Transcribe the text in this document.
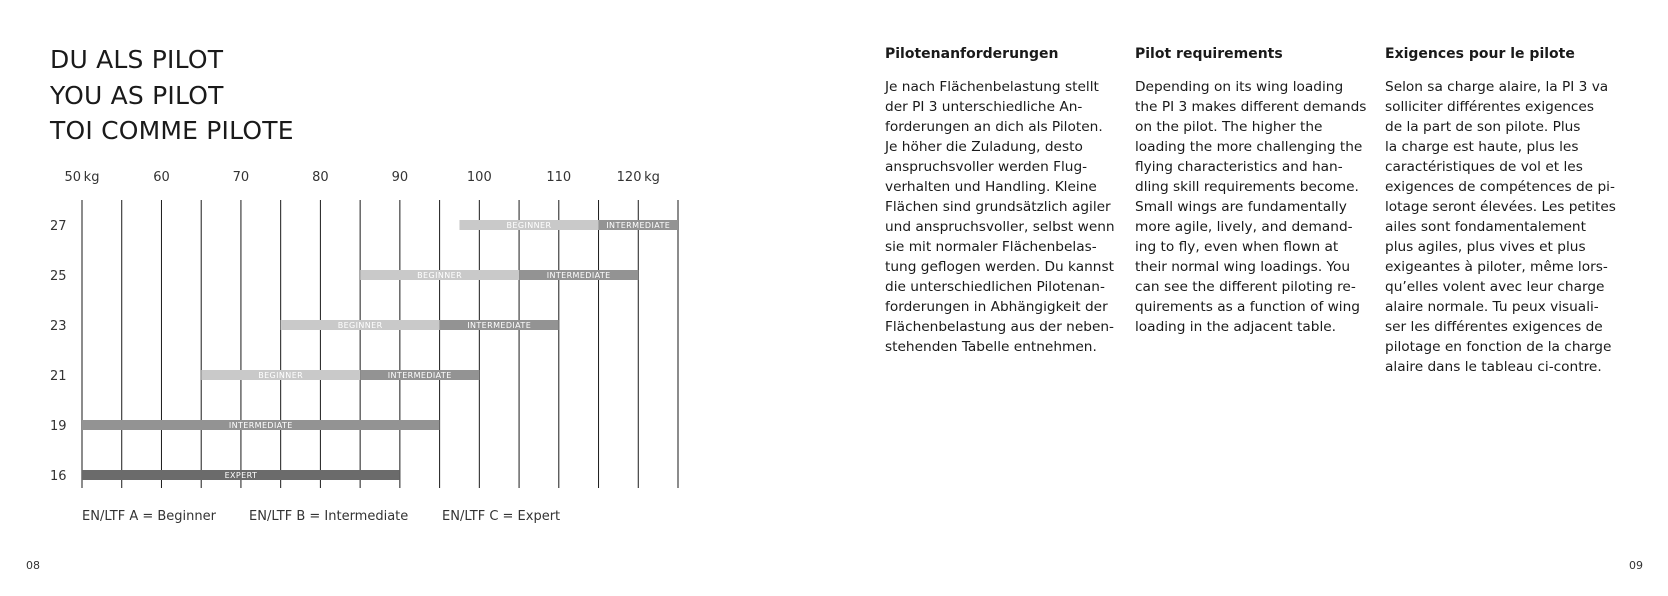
DU ALS PILOT
YOU AS PILOT
TOI COMME PILOTE
50 kg	60	70	80	90	100	110	120 kg
27	BEGINNER	INTERMEDIATE
25	BEGINNER	INTERMEDIATE
23	BEGINNER	INTERMEDIATE
21	BEGINNER	INTERMEDIATE
19	INTERMEDIATE
16	EXPERT
EN/LTF A = Beginner	EN/LTF B = Intermediate	EN/LTF C = Expert
Pilotenanforderungen

Je nach Flächenbelastung stellt
der PI 3 unterschiedliche An-
forderungen an dich als Piloten.
Je höher die Zuladung, desto
anspruchsvoller werden Flug-
verhalten und Handling. Kleine
Flächen sind grundsätzlich agiler
und anspruchsvoller, selbst wenn
sie mit normaler Flächenbelas-
tung geflogen werden. Du kannst
die unterschiedlichen Pilotenan-
forderungen in Abhängigkeit der
Flächenbelastung aus der neben-
stehenden Tabelle entnehmen.

Pilot requirements

Depending on its wing loading
the PI 3 makes different demands
on the pilot. The higher the
loading the more challenging the
flying characteristics and han-
dling skill requirements become.
Small wings are fundamentally
more agile, lively, and demand-
ing to fly, even when flown at
their normal wing loadings. You
can see the different piloting re-
quirements as a function of wing
loading in the adjacent table.

Exigences pour le pilote

Selon sa charge alaire, la PI 3 va
solliciter différentes exigences
de la part de son pilote. Plus
la charge est haute, plus les
caractéristiques de vol et les
exigences de compétences de pi-
lotage seront élevées. Les petites
ailes sont fondamentalement
plus agiles, plus vives et plus
exigeantes à piloter, même lors-
qu’elles volent avec leur charge
alaire normale. Tu peux visuali-
ser les différentes exigences de
pilotage en fonction de la charge
alaire dans le tableau ci-contre.

08	09
